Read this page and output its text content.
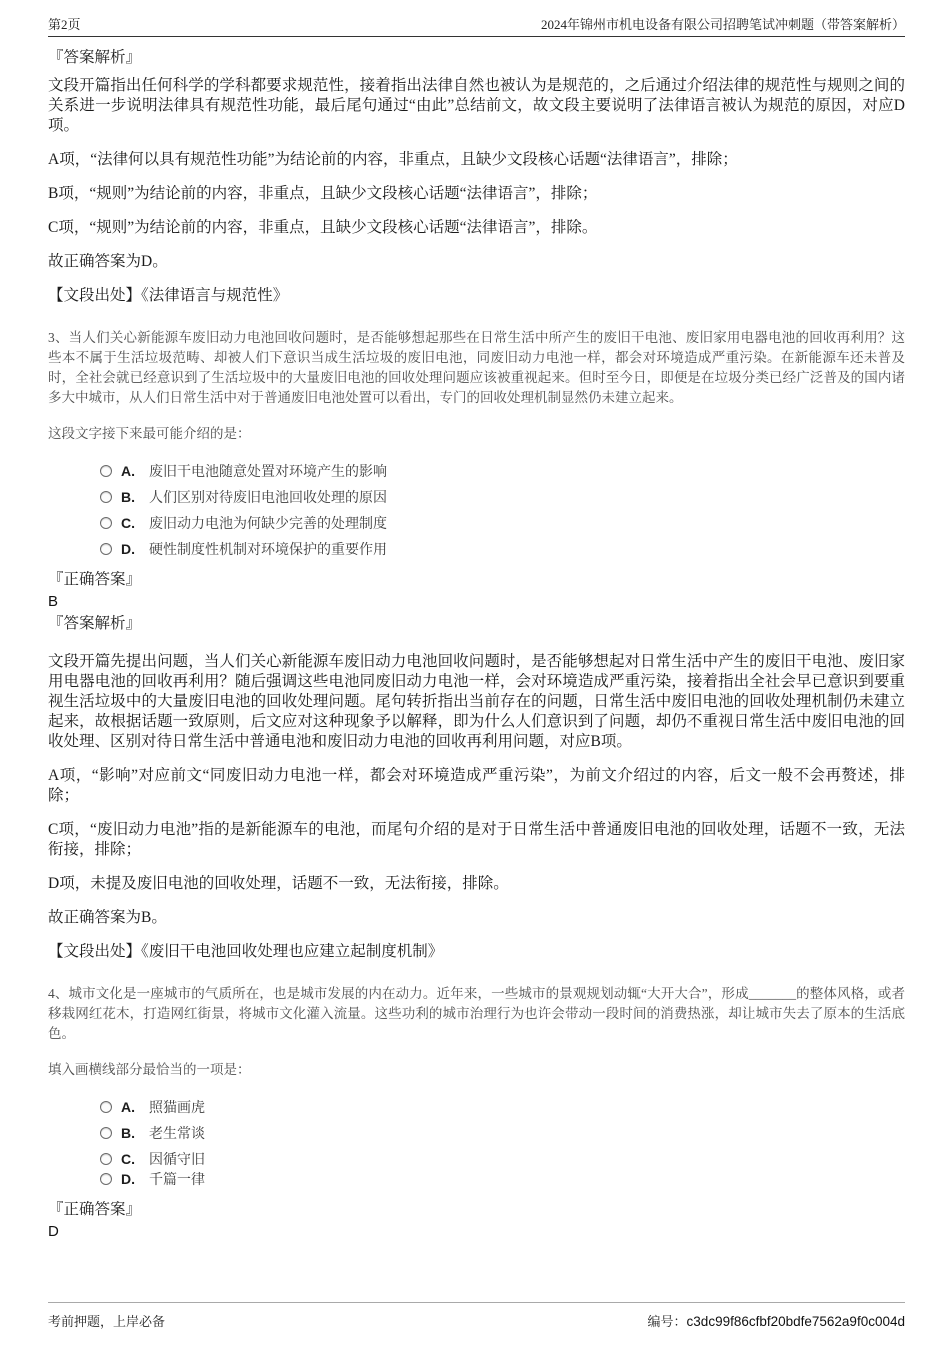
第2页	2024年锦州市机电设备有限公司招聘笔试冲刺题（带答案解析）
『答案解析』

文段开篇指出任何科学的学科都要求规范性，接着指出法律自然也被认为是规范的，之后通过介绍法律的规范性与规则之间的关系进一步说明法律具有规范性功能，最后尾句通过“由此”总结前文，故文段主要说明了法律语言被认为规范的原因，对应D项。

A项，“法律何以具有规范性功能”为结论前的内容，非重点，且缺少文段核心话题“法律语言”，排除；

B项，“规则”为结论前的内容，非重点，且缺少文段核心话题“法律语言”，排除；

C项，“规则”为结论前的内容，非重点，且缺少文段核心话题“法律语言”，排除。

故正确答案为D。

【文段出处】《法律语言与规范性》

3、当人们关心新能源车废旧动力电池回收问题时，是否能够想起那些在日常生活中所产生的废旧干电池、废旧家用电器电池的回收再利用？这些本不属于生活垃圾范畴、却被人们下意识当成生活垃圾的废旧电池，同废旧动力电池一样，都会对环境造成严重污染。在新能源车还未普及时，全社会就已经意识到了生活垃圾中的大量废旧电池的回收处理问题应该被重视起来。但时至今日，即便是在垃圾分类已经广泛普及的国内诸多大中城市，从人们日常生活中对于普通废旧电池处置可以看出，专门的回收处理机制显然仍未建立起来。

这段文字接下来最可能介绍的是：

A. 废旧干电池随意处置对环境产生的影响
B. 人们区别对待废旧电池回收处理的原因
C. 废旧动力电池为何缺少完善的处理制度
D. 硬性制度性机制对环境保护的重要作用
『正确答案』
B
『答案解析』

文段开篇先提出问题，当人们关心新能源车废旧动力电池回收问题时，是否能够想起对日常生活中产生的废旧干电池、废旧家用电器电池的回收再利用？随后强调这些电池同废旧动力电池一样，会对环境造成严重污染，接着指出全社会早已意识到要重视生活垃圾中的大量废旧电池的回收处理问题。尾句转折指出当前存在的问题，日常生活中废旧电池的回收处理机制仍未建立起来，故根据话题一致原则，后文应对这种现象予以解释，即为什么人们意识到了问题，却仍不重视日常生活中废旧电池的回收处理、区别对待日常生活中普通电池和废旧动力电池的回收再利用问题，对应B项。

A项，“影响”对应前文“同废旧动力电池一样，都会对环境造成严重污染”，为前文介绍过的内容，后文一般不会再赘述，排除；

C项，“废旧动力电池”指的是新能源车的电池，而尾句介绍的是对于日常生活中普通废旧电池的回收处理，话题不一致，无法衔接，排除；

D项，未提及废旧电池的回收处理，话题不一致，无法衔接，排除。

故正确答案为B。

【文段出处】《废旧干电池回收处理也应建立起制度机制》

4、城市文化是一座城市的气质所在，也是城市发展的内在动力。近年来，一些城市的景观规划动辄“大开大合”，形成_______的整体风格，或者移栽网红花木，打造网红街景，将城市文化灌入流量。这些功利的城市治理行为也许会带动一段时间的消费热涨，却让城市失去了原本的生活底色。

填入画横线部分最恰当的一项是：

A. 照猫画虎
B. 老生常谈
C. 因循守旧
D. 千篇一律
『正确答案』
D
考前押题，上岸必备	编号：c3dc99f86cfbf20bdfe7562a9f0c004d
